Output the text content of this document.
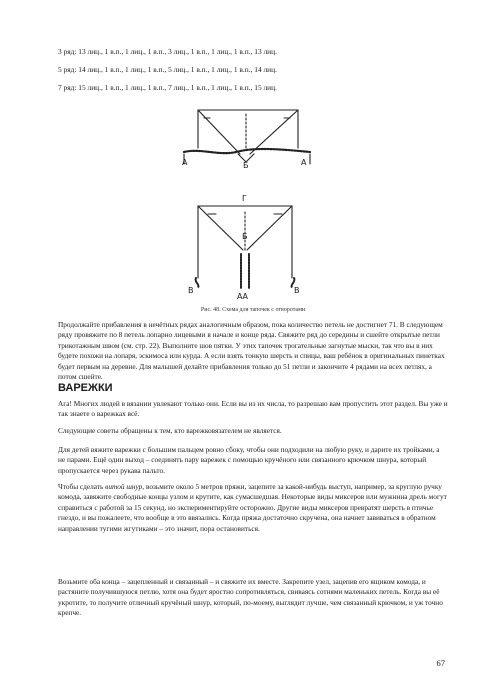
3 ряд: 13 лиц., 1 в.п., 1 лиц., 1 в.п., 3 лиц., 1 в.п., 1 лиц., 1 в.п., 13 лиц.
5 ряд: 14 лиц., 1 в.п., 1 лиц., 1 в.п., 5 лиц., 1 в.п., 1 лиц., 1 в.п., 14 лиц.
7 ряд: 15 лиц., 1 в.п., 1 лиц., 1 в.п., 7 лиц., 1 в.п., 1 лиц., 1 в.п., 15 лиц.
А	Б	А
Г
Б
В	В
АА
Рис. 48. Схема для тапочек с отворотами

Продолжайте прибавления в нечётных рядах аналогичным образом, пока количество петель не достигнет 71. В следующем ряду провяжите по 8 петель лопарно лицевыми в начале и конце ряда. Свяжите ряд до середины и сшейте открытые петли трикотажным швом (см. стр. 22). Выполните шов пятки. У этих тапочек трогательные загнутые мыски, так что вы в них будете похожи на лопаря, эскимоса или курда. А если взять тонкую шерсть и спицы, ваш ребёнок в оригинальных пинетках будет первым на деревне. Для малышей делайте прибавления только до 51 петли и закончите 4 рядами на всех петлях, а потом сшейте.

ВАРЕЖКИ

Ага! Многих людей в вязании увлекают только они. Если вы из их числа, то разрешаю вам пропустить этот раздел. Вы уже и так знаете о варежках всё.

Следующие советы обращены к тем, кто варежковязателем не является.

Для детей вяжите варежки с большим пальцем ровно сбоку, чтобы они подходили на любую руку, и дарите их тройками, а не парами. Ещё один выход – соединять пару варежек с помощью кручёного или связанного крючком шнура, который пропускается через рукава пальто.

Чтобы сделать витой шнур, возьмите около 5 метров пряжи, зацепите за какой-нибудь выступ, например, за круглую ручку комода, завяжите свободные концы узлом и крутите, как сумасшедшая. Некоторые виды миксеров или мужнина дрель могут справиться с работой за 15 секунд, но экспериментируйте осторожно. Другие виды миксеров превратят шерсть в птичье гнездо, и вы пожалеете, что вообще в это ввязались. Когда пряжа достаточно скручена, она начнет завиваться в обратном направлении тугими жгутиками – это значит, пора остановиться.

Возьмите оба конца – зацепленный и связанный – и свяжите их вместе. Закрепите узел, зацепив его ящиком комода, и растяните получившуюся петлю, хотя она будет яростно сопротивляться, свиваясь сотнями маленьких петель. Когда вы её укротите, то получите отличный кручёный шнур, который, по-моему, выглядит лучше, чем связанный крючком, и уж точно крепче.

67
